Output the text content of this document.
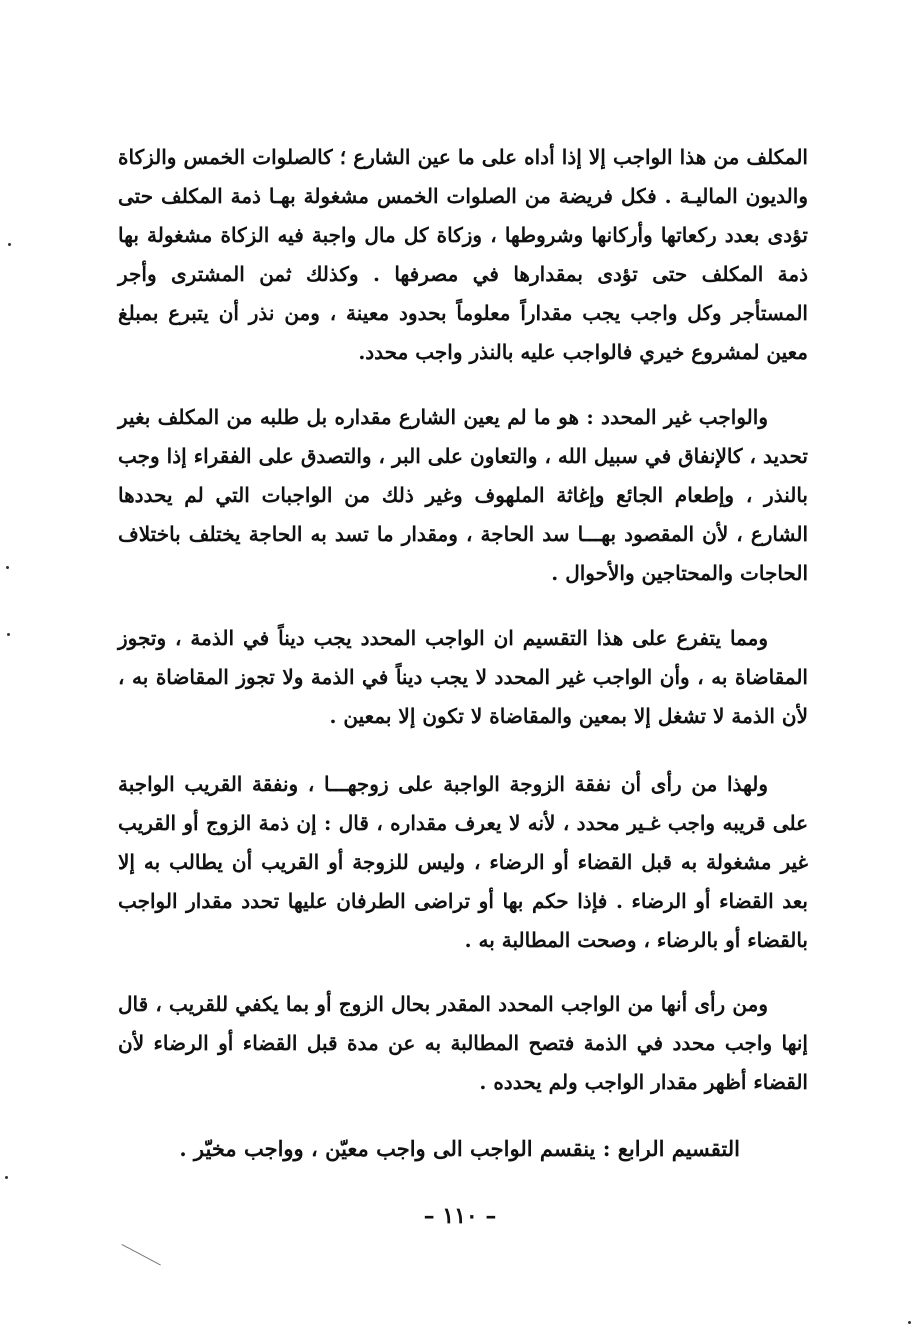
المكلف من هذا الواجب إلا إذا أداه على ما عين الشارع ؛ كالصلوات الخمس والزكاة والديون الماليـة . فكل فريضة من الصلوات الخمس مشغولة بهـا ذمة المكلف حتى تؤدى بعدد ركعاتها وأركانها وشروطها ، وزكاة كل مال واجبة فيه الزكاة مشغولة بها ذمة المكلف حتى تؤدى بمقدارها في مصرفها . وكذلك ثمن المشترى وأجر المستأجر وكل واجب يجب مقداراً معلوماً بحدود معينة ، ومن نذر أن يتبرع بمبلغ معين لمشروع خيري فالواجب عليه بالنذر واجب محدد.

والواجب غير المحدد : هو ما لم يعين الشارع مقداره بل طلبه من المكلف بغير تحديد ، كالإنفاق في سبيل الله ، والتعاون على البر ، والتصدق على الفقراء إذا وجب بالنذر ، وإطعام الجائع وإغاثة الملهوف وغير ذلك من الواجبات التي لم يحددها الشارع ، لأن المقصود بهـــا سد الحاجة ، ومقدار ما تسد به الحاجة يختلف باختلاف الحاجات والمحتاجين والأحوال .

ومما يتفرع على هذا التقسيم ان الواجب المحدد يجب ديناً في الذمة ، وتجوز المقاضاة به ، وأن الواجب غير المحدد لا يجب ديناً في الذمة ولا تجوز المقاضاة به ، لأن الذمة لا تشغل إلا بمعين والمقاضاة لا تكون إلا بمعين .

ولهذا من رأى أن نفقة الزوجة الواجبة على زوجهـــا ، ونفقة القريب الواجبة على قريبه واجب غـير محدد ، لأنه لا يعرف مقداره ، قال : إن ذمة الزوج أو القريب غير مشغولة به قبل القضاء أو الرضاء ، وليس للزوجة أو القريب أن يطالب به إلا بعد القضاء أو الرضاء . فإذا حكم بها أو تراضى الطرفان عليها تحدد مقدار الواجب بالقضاء أو بالرضاء ، وصحت المطالبة به .

ومن رأى أنها من الواجب المحدد المقدر بحال الزوج أو بما يكفي للقريب ، قال إنها واجب محدد في الذمة فتصح المطالبة به عن مدة قبل القضاء أو الرضاء لأن القضاء أظهر مقدار الواجب ولم يحدده .

التقسيم الرابع : ينقسم الواجب الى واجب معيّن ، وواجب مخيّر .
– ١١٠ –
